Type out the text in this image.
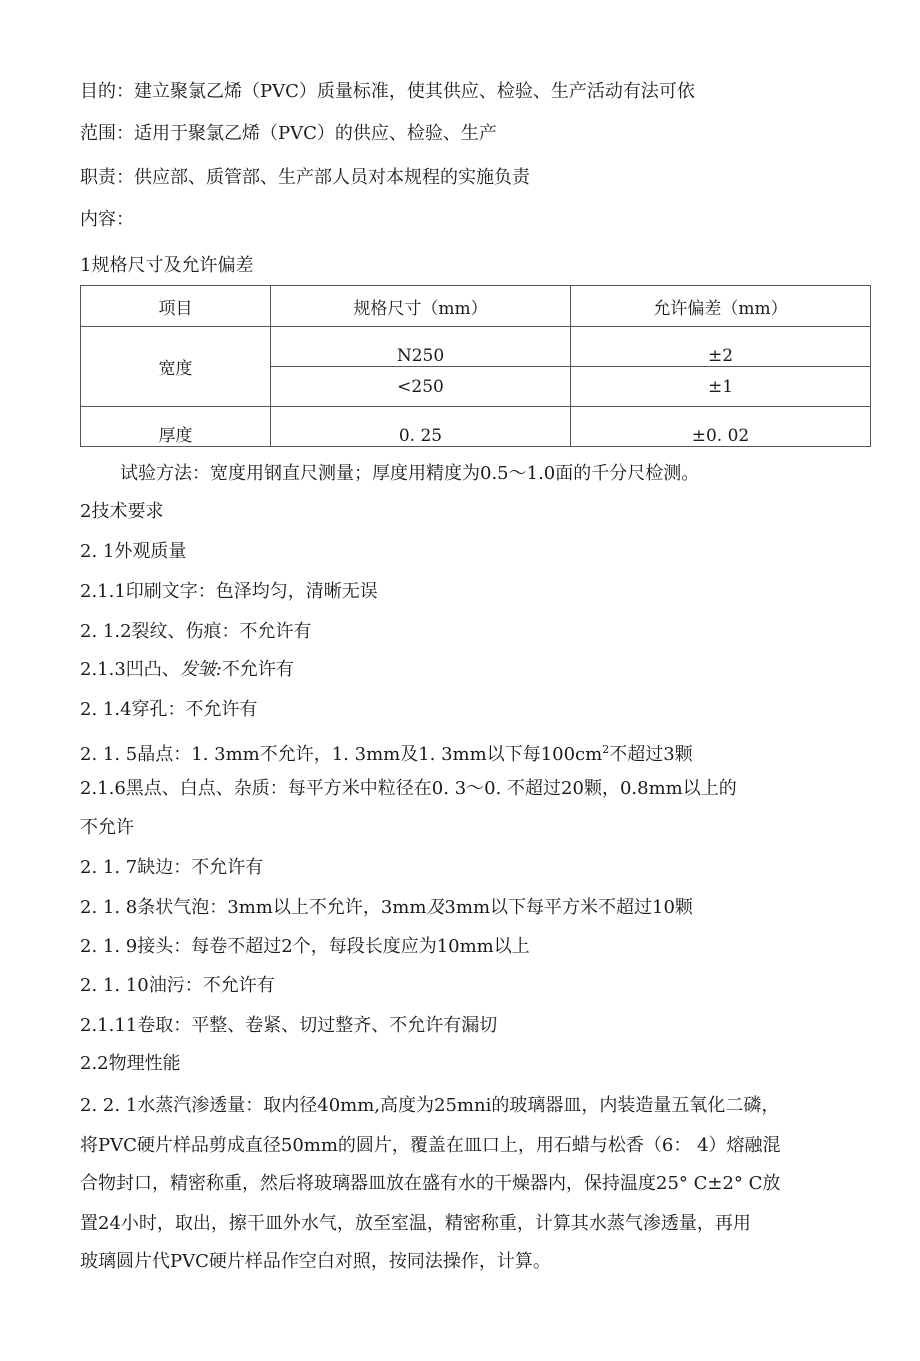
目的：建立聚氯乙烯（PVC）质量标准，使其供应、检验、生产活动有法可依
范围：适用于聚氯乙烯（PVC）的供应、检验、生产
职责：供应部、质管部、生产部人员对本规程的实施负责
内容：
1规格尺寸及允许偏差
项目	规格尺寸（mm）	允许偏差（mm）
宽度	N250	±2
	<250	±1
厚度	0. 25	±0. 02
试验方法：宽度用钢直尺测量；厚度用精度为0.5〜1.0面的千分尺检测。
2技术要求
2. 1外观质量
2.1.1印刷文字：色泽均匀，清晰无误
2. 1.2裂纹、伤痕：不允许有
2.1.3凹凸、发皱:不允许有
2. 1.4穿孔：不允许有
2. 1. 5晶点：1. 3mm不允许，1. 3mm及1. 3mm以下每$100cm^2$不超过3颗
2.1.6黑点、白点、杂质：每平方米中粒径在0. 3〜0. 不超过20颗，0.8mm以上的
不允许
2. 1. 7缺边：不允许有
2. 1. 8条状气泡：3mm以上不允许，3mm及3mm以下每平方米不超过10颗
2. 1. 9接头：每卷不超过2个，每段长度应为10mm以上
2. 1. 10油污：不允许有
2.1.11卷取：平整、卷紧、切过整齐、不允许有漏切
2.2物理性能
2. 2. 1水蒸汽渗透量：取内径40mm,高度为25mni的玻璃器皿，内装造量五氧化二磷，
将PVC硬片样品剪成直径50mm的圆片，覆盖在皿口上，用石蜡与松香（6： 4）熔融混
合物封口，精密称重，然后将玻璃器皿放在盛有水的干燥器内，保持温度25° C±2° C放
置24小时，取出，擦干皿外水气，放至室温，精密称重，计算其水蒸气渗透量，再用
玻璃圆片代PVC硬片样品作空白对照，按同法操作，计算。
